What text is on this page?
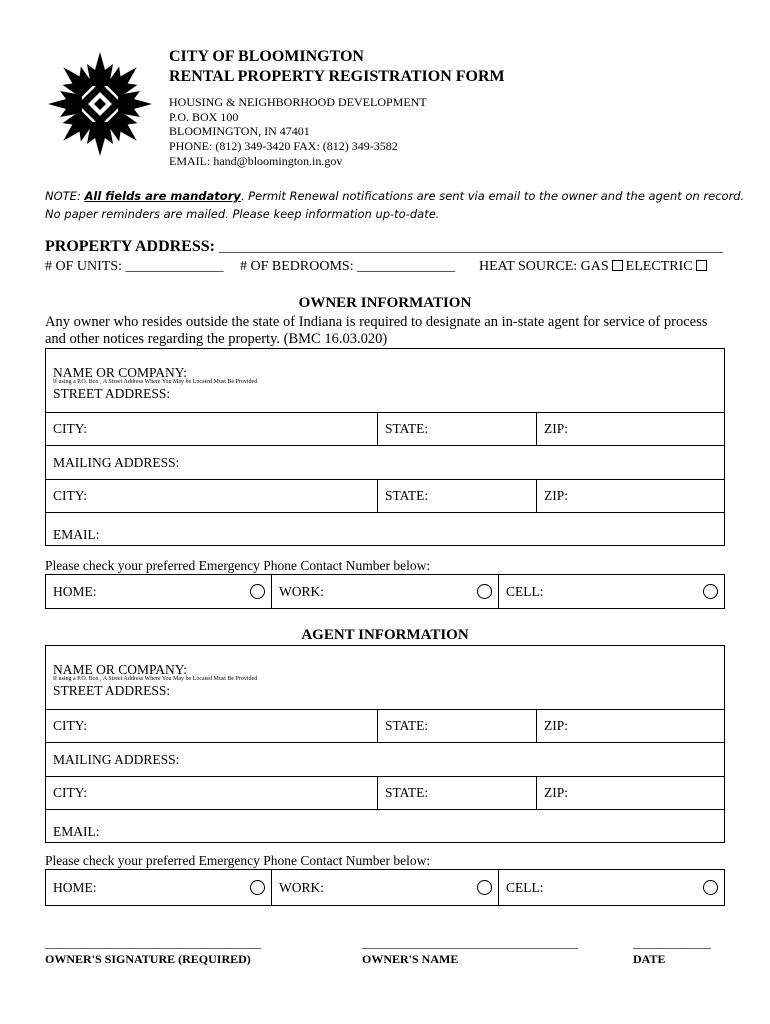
CITY OF BLOOMINGTON
RENTAL PROPERTY REGISTRATION FORM
HOUSING & NEIGHBORHOOD DEVELOPMENT
P.O. BOX 100
BLOOMINGTON, IN 47401
PHONE: (812) 349-3420 FAX: (812) 349-3582
EMAIL: hand@bloomington.in.gov
NOTE: All fields are mandatory. Permit Renewal notifications are sent via email to the owner and the agent on record.
No paper reminders are mailed. Please keep information up-to-date.
PROPERTY ADDRESS: ________________________________________________________________________
# OF UNITS: ______________ # OF BEDROOMS: ______________ HEAT SOURCE: GAS ELECTRIC
OWNER INFORMATION
Any owner who resides outside the state of Indiana is required to designate an in-state agent for service of process and other notices regarding the property. (BMC 16.03.020)
NAME OR COMPANY:
If using a P.O. Box , A Street Address Where You May be Located Must Be Provided
STREET ADDRESS:		

CITY:	STATE:	ZIP:
MAILING ADDRESS:		
CITY:	STATE:	ZIP:
EMAIL:		
Please check your preferred Emergency Phone Contact Number below:
HOME:	WORK:	CELL:
AGENT INFORMATION
NAME OR COMPANY:
If using a P.O. Box , A Street Address Where You May be Located Must Be Provided
STREET ADDRESS:		

CITY:	STATE:	ZIP:
MAILING ADDRESS:		
CITY:	STATE:	ZIP:
EMAIL:		
Please check your preferred Emergency Phone Contact Number below:
HOME:	WORK:	CELL:
____________________________________	____________________________________	_____________
OWNER'S SIGNATURE (REQUIRED)	OWNER'S NAME	DATE
